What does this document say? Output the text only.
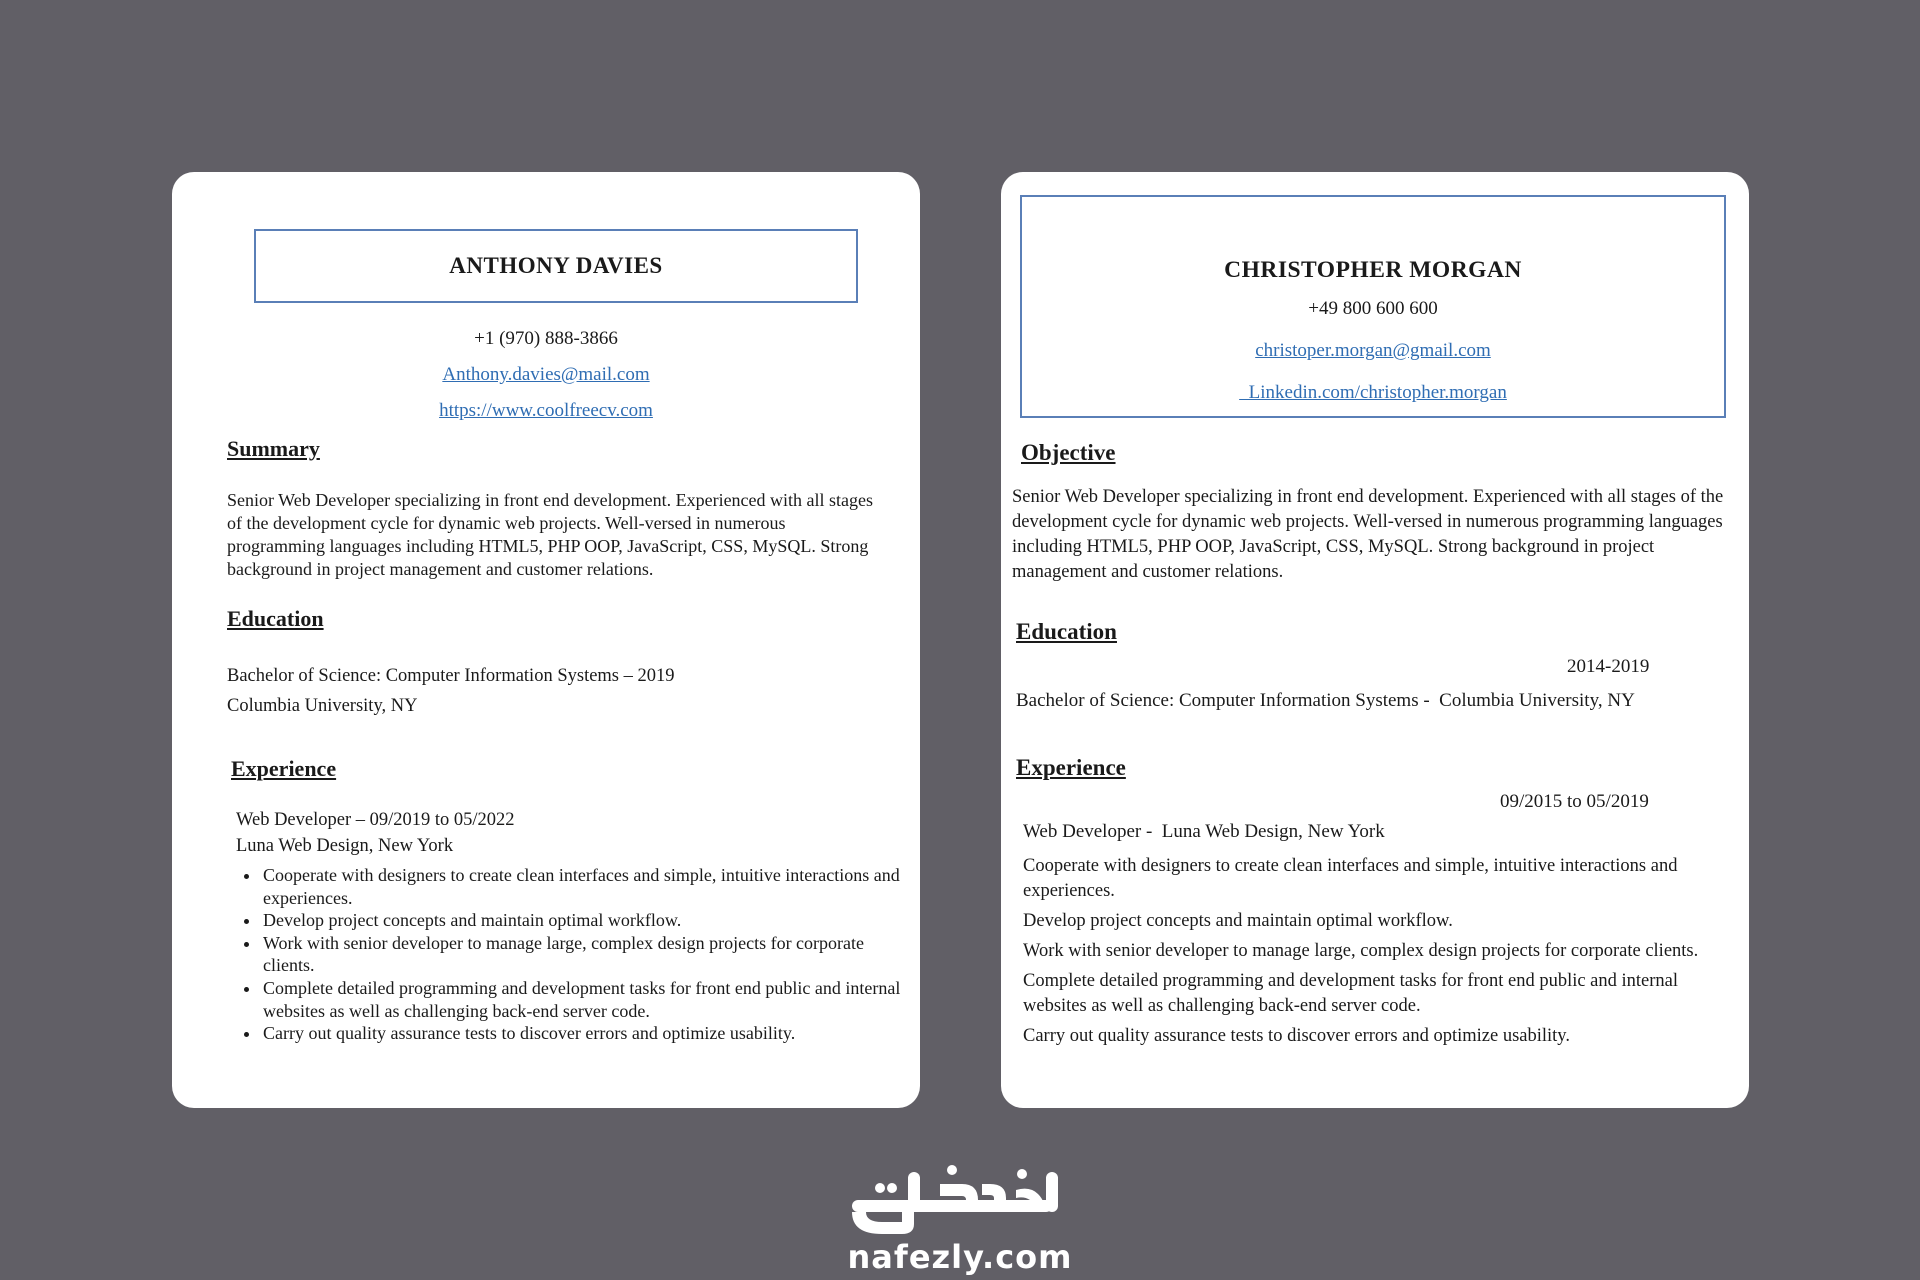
ANTHONY DAVIES
+1 (970) 888-3866
Anthony.davies@mail.com
https://www.coolfreecv.com
Summary

Senior Web Developer specializing in front end development. Experienced with all stages of the development cycle for dynamic web projects. Well-versed in numerous programming languages including HTML5, PHP OOP, JavaScript, CSS, MySQL. Strong background in project management and customer relations.

Education
Bachelor of Science: Computer Information Systems – 2019
Columbia University, NY
Experience
Web Developer – 09/2019 to 05/2022
Luna Web Design, New York
• Cooperate with designers to create clean interfaces and simple, intuitive interactions and experiences.
• Develop project concepts and maintain optimal workflow.
• Work with senior developer to manage large, complex design projects for corporate clients.
• Complete detailed programming and development tasks for front end public and internal websites as well as challenging back-end server code.
• Carry out quality assurance tests to discover errors and optimize usability.
CHRISTOPHER MORGAN
+49 800 600 600
christoper.morgan@gmail.com
Linkedin.com/christopher.morgan
Objective

Senior Web Developer specializing in front end development. Experienced with all stages of the development cycle for dynamic web projects. Well-versed in numerous programming languages including HTML5, PHP OOP, JavaScript, CSS, MySQL. Strong background in project management and customer relations.

Education
2014-2019
Bachelor of Science: Computer Information Systems -  Columbia University, NY
Experience
09/2015 to 05/2019
Web Developer -  Luna Web Design, New York

Cooperate with designers to create clean interfaces and simple, intuitive interactions and experiences.

Develop project concepts and maintain optimal workflow.

Work with senior developer to manage large, complex design projects for corporate clients.

Complete detailed programming and development tasks for front end public and internal websites as well as challenging back-end server code.

Carry out quality assurance tests to discover errors and optimize usability.

nafezly.com
